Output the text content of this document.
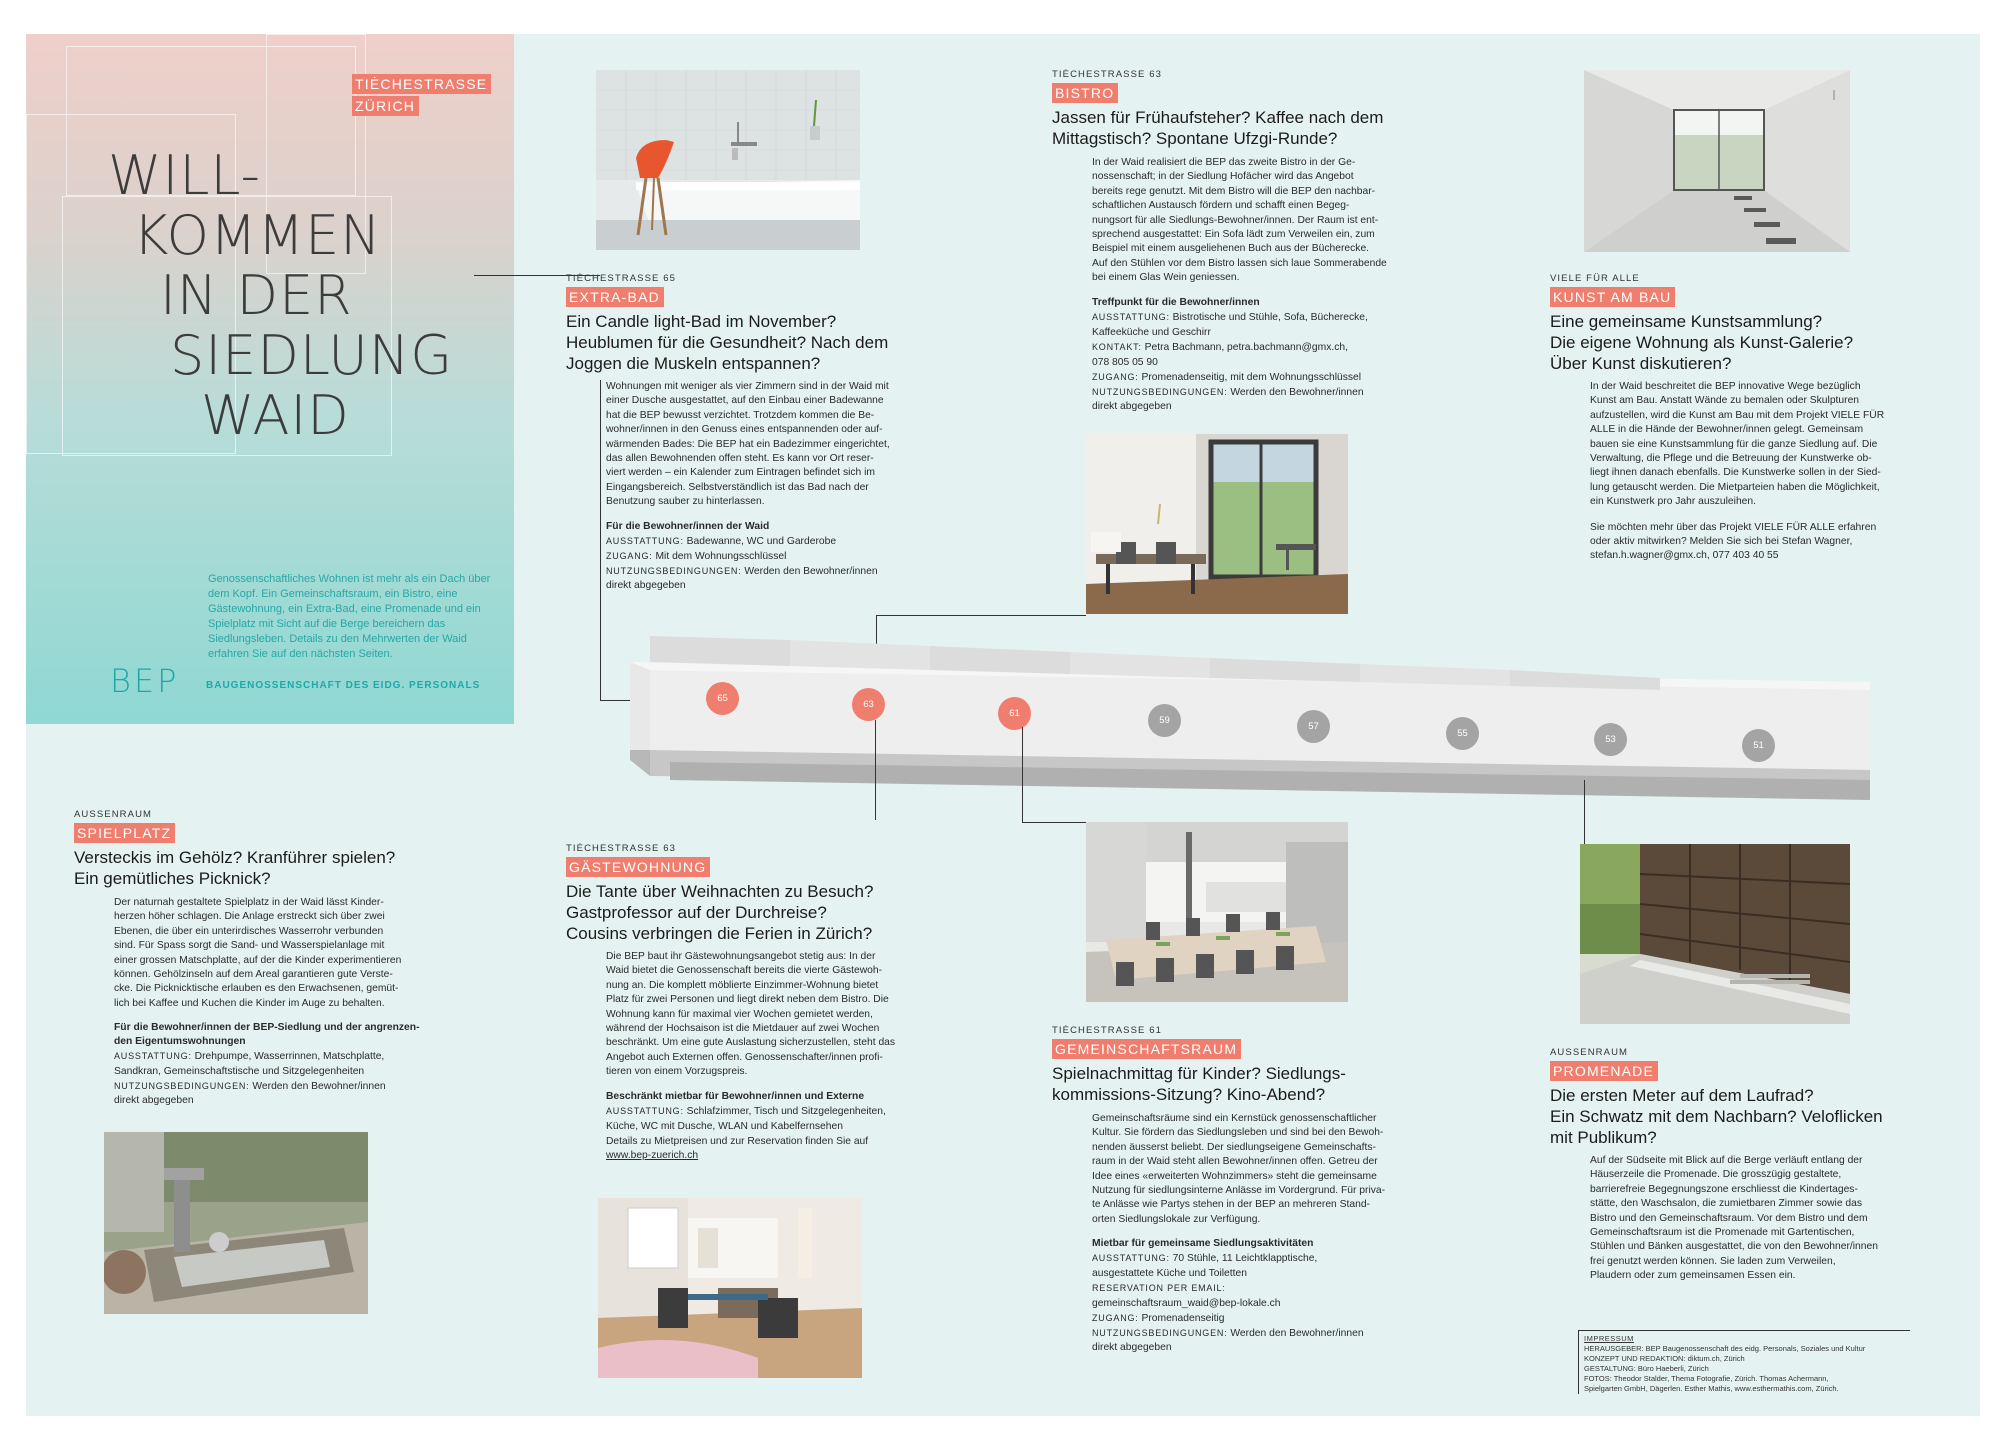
TIĖCHESTRASSE
ZÜRICH
WILL-
KOMMEN
IN DER
SIEDLUNG
WAID
Genossenschaftliches Wohnen ist mehr als ein Dach über dem Kopf. Ein Gemeinschaftsraum, ein Bistro, eine Gästewohnung, ein Extra-Bad, eine Promenade und ein Spielplatz mit Sicht auf die Berge bereichern das Siedlungsleben. Details zu den Mehrwerten der Waid erfahren Sie auf den nächsten Seiten.
BEP	BAUGENOSSENSCHAFT DES EIDG. PERSONALS
TIĖCHESTRASSE 65
EXTRA-BAD
Ein Candle light-Bad im November?
Heublumen für die Gesundheit? Nach dem
Joggen die Muskeln entspannen?
Wohnungen mit weniger als vier Zimmern sind in der Waid mit
einer Dusche ausgestattet, auf den Einbau einer Badewanne
hat die BEP bewusst verzichtet. Trotzdem kommen die Be-
wohner/innen in den Genuss eines entspannenden oder auf-
wärmenden Bades: Die BEP hat ein Badezimmer eingerichtet,
das allen Bewohnenden offen steht. Es kann vor Ort reser-
viert werden – ein Kalender zum Eintragen befindet sich im
Eingangsbereich. Selbstverständlich ist das Bad nach der
Benutzung sauber zu hinterlassen.
Für die Bewohner/innen der Waid
AUSSTATTUNG: Badewanne, WC und Garderobe
ZUGANG: Mit dem Wohnungsschlüssel
NUTZUNGSBEDINGUNGEN: Werden den Bewohner/innen
direkt abgegeben
TIĖCHESTRASSE 63
BISTRO
Jassen für Frühaufsteher? Kaffee nach dem
Mittagstisch? Spontane Ufzgi-Runde?
In der Waid realisiert die BEP das zweite Bistro in der Ge-
nossenschaft; in der Siedlung Hofächer wird das Angebot
bereits rege genutzt. Mit dem Bistro will die BEP den nachbar-
schaftlichen Austausch fördern und schafft einen Begeg-
nungsort für alle Siedlungs-Bewohner/innen. Der Raum ist ent-
sprechend ausgestattet: Ein Sofa lädt zum Verweilen ein, zum
Beispiel mit einem ausgeliehenen Buch aus der Bücherecke.
Auf den Stühlen vor dem Bistro lassen sich laue Sommerabende
bei einem Glas Wein geniessen.
Treffpunkt für die Bewohner/innen
AUSSTATTUNG: Bistrotische und Stühle, Sofa, Bücherecke,
Kaffeeküche und Geschirr
KONTAKT: Petra Bachmann, petra.bachmann@gmx.ch,
078 805 05 90
ZUGANG: Promenadenseitig, mit dem Wohnungsschlüssel
NUTZUNGSBEDINGUNGEN: Werden den Bewohner/innen
direkt abgegeben
VIELE FÜR ALLE
KUNST AM BAU
Eine gemeinsame Kunstsammlung?
Die eigene Wohnung als Kunst-Galerie?
Über Kunst diskutieren?
In der Waid beschreitet die BEP innovative Wege bezüglich
Kunst am Bau. Anstatt Wände zu bemalen oder Skulpturen
aufzustellen, wird die Kunst am Bau mit dem Projekt VIELE FÜR
ALLE in die Hände der Bewohner/innen gelegt. Gemeinsam
bauen sie eine Kunstsammlung für die ganze Siedlung auf. Die
Verwaltung, die Pflege und die Betreuung der Kunstwerke ob-
liegt ihnen danach ebenfalls. Die Kunstwerke sollen in der Sied-
lung getauscht werden. Die Mietparteien haben die Möglichkeit,
ein Kunstwerk pro Jahr auszuleihen.
Sie möchten mehr über das Projekt VIELE FÜR ALLE erfahren
oder aktiv mitwirken? Melden Sie sich bei Stefan Wagner,
stefan.h.wagner@gmx.ch, 077 403 40 55
65
63
61
59
57
55
53
51
AUSSENRAUM
SPIELPLATZ
Versteckis im Gehölz? Kranführer spielen?
Ein gemütliches Picknick?
Der naturnah gestaltete Spielplatz in der Waid lässt Kinder-
herzen höher schlagen. Die Anlage erstreckt sich über zwei
Ebenen, die über ein unterirdisches Wasserrohr verbunden
sind. Für Spass sorgt die Sand- und Wasserspielanlage mit
einer grossen Matschplatte, auf der die Kinder experimentieren
können. Gehölzinseln auf dem Areal garantieren gute Verste-
cke. Die Picknicktische erlauben es den Erwachsenen, gemüt-
lich bei Kaffee und Kuchen die Kinder im Auge zu behalten.
Für die Bewohner/innen der BEP-Siedlung und der angrenzen-
den Eigentumswohnungen
AUSSTATTUNG: Drehpumpe, Wasserrinnen, Matschplatte,
Sandkran, Gemeinschaftstische und Sitzgelegenheiten
NUTZUNGSBEDINGUNGEN: Werden den Bewohner/innen
direkt abgegeben
TIĖCHESTRASSE 63
GÄSTEWOHNUNG
Die Tante über Weihnachten zu Besuch?
Gastprofessor auf der Durchreise?
Cousins verbringen die Ferien in Zürich?
Die BEP baut ihr Gästewohnungsangebot stetig aus: In der
Waid bietet die Genossenschaft bereits die vierte Gästewoh-
nung an. Die komplett möblierte Einzimmer-Wohnung bietet
Platz für zwei Personen und liegt direkt neben dem Bistro. Die
Wohnung kann für maximal vier Wochen gemietet werden,
während der Hochsaison ist die Mietdauer auf zwei Wochen
beschränkt. Um eine gute Auslastung sicherzustellen, steht das
Angebot auch Externen offen. Genossenschafter/innen profi-
tieren von einem Vorzugspreis.
Beschränkt mietbar für Bewohner/innen und Externe
AUSSTATTUNG: Schlafzimmer, Tisch und Sitzgelegenheiten,
Küche, WC mit Dusche, WLAN und Kabelfernsehen
Details zu Mietpreisen und zur Reservation finden Sie auf
www.bep-zuerich.ch
TIĖCHESTRASSE 61
GEMEINSCHAFTSRAUM
Spielnachmittag für Kinder? Siedlungs-
kommissions-Sitzung? Kino-Abend?
Gemeinschaftsräume sind ein Kernstück genossenschaftlicher
Kultur. Sie fördern das Siedlungsleben und sind bei den Bewoh-
nenden äusserst beliebt. Der siedlungseigene Gemeinschafts-
raum in der Waid steht allen Bewohner/innen offen. Getreu der
Idee eines «erweiterten Wohnzimmers» steht die gemeinsame
Nutzung für siedlungsinterne Anlässe im Vordergrund. Für priva-
te Anlässe wie Partys stehen in der BEP an mehreren Stand-
orten Siedlungslokale zur Verfügung.
Mietbar für gemeinsame Siedlungsaktivitäten
AUSSTATTUNG: 70 Stühle, 11 Leichtklapptische,
ausgestattete Küche und Toiletten
RESERVATION PER EMAIL:
gemeinschaftsraum_waid@bep-lokale.ch
ZUGANG: Promenadenseitig
NUTZUNGSBEDINGUNGEN: Werden den Bewohner/innen
direkt abgegeben
AUSSENRAUM
PROMENADE
Die ersten Meter auf dem Laufrad?
Ein Schwatz mit dem Nachbarn? Veloflicken
mit Publikum?
Auf der Südseite mit Blick auf die Berge verläuft entlang der
Häuserzeile die Promenade. Die grosszügig gestaltete,
barrierefreie Begegnungszone erschliesst die Kindertages-
stätte, den Waschsalon, die zumietbaren Zimmer sowie das
Bistro und den Gemeinschaftsraum. Vor dem Bistro und dem
Gemeinschaftsraum ist die Promenade mit Gartentischen,
Stühlen und Bänken ausgestattet, die von den Bewohner/innen
frei genutzt werden können. Sie laden zum Verweilen,
Plaudern oder zum gemeinsamen Essen ein.
IMPRESSUM
HERAUSGEBER: BEP Baugenossenschaft des eidg. Personals, Soziales und Kultur
KONZEPT UND REDAKTION: diktum.ch, Zürich
GESTALTUNG: Büro Haeberli, Zürich
FOTOS: Theodor Stalder, Thema Fotografie, Zürich. Thomas Achermann,
Spielgarten GmbH, Dägerlen. Esther Mathis, www.esthermathis.com, Zürich.
